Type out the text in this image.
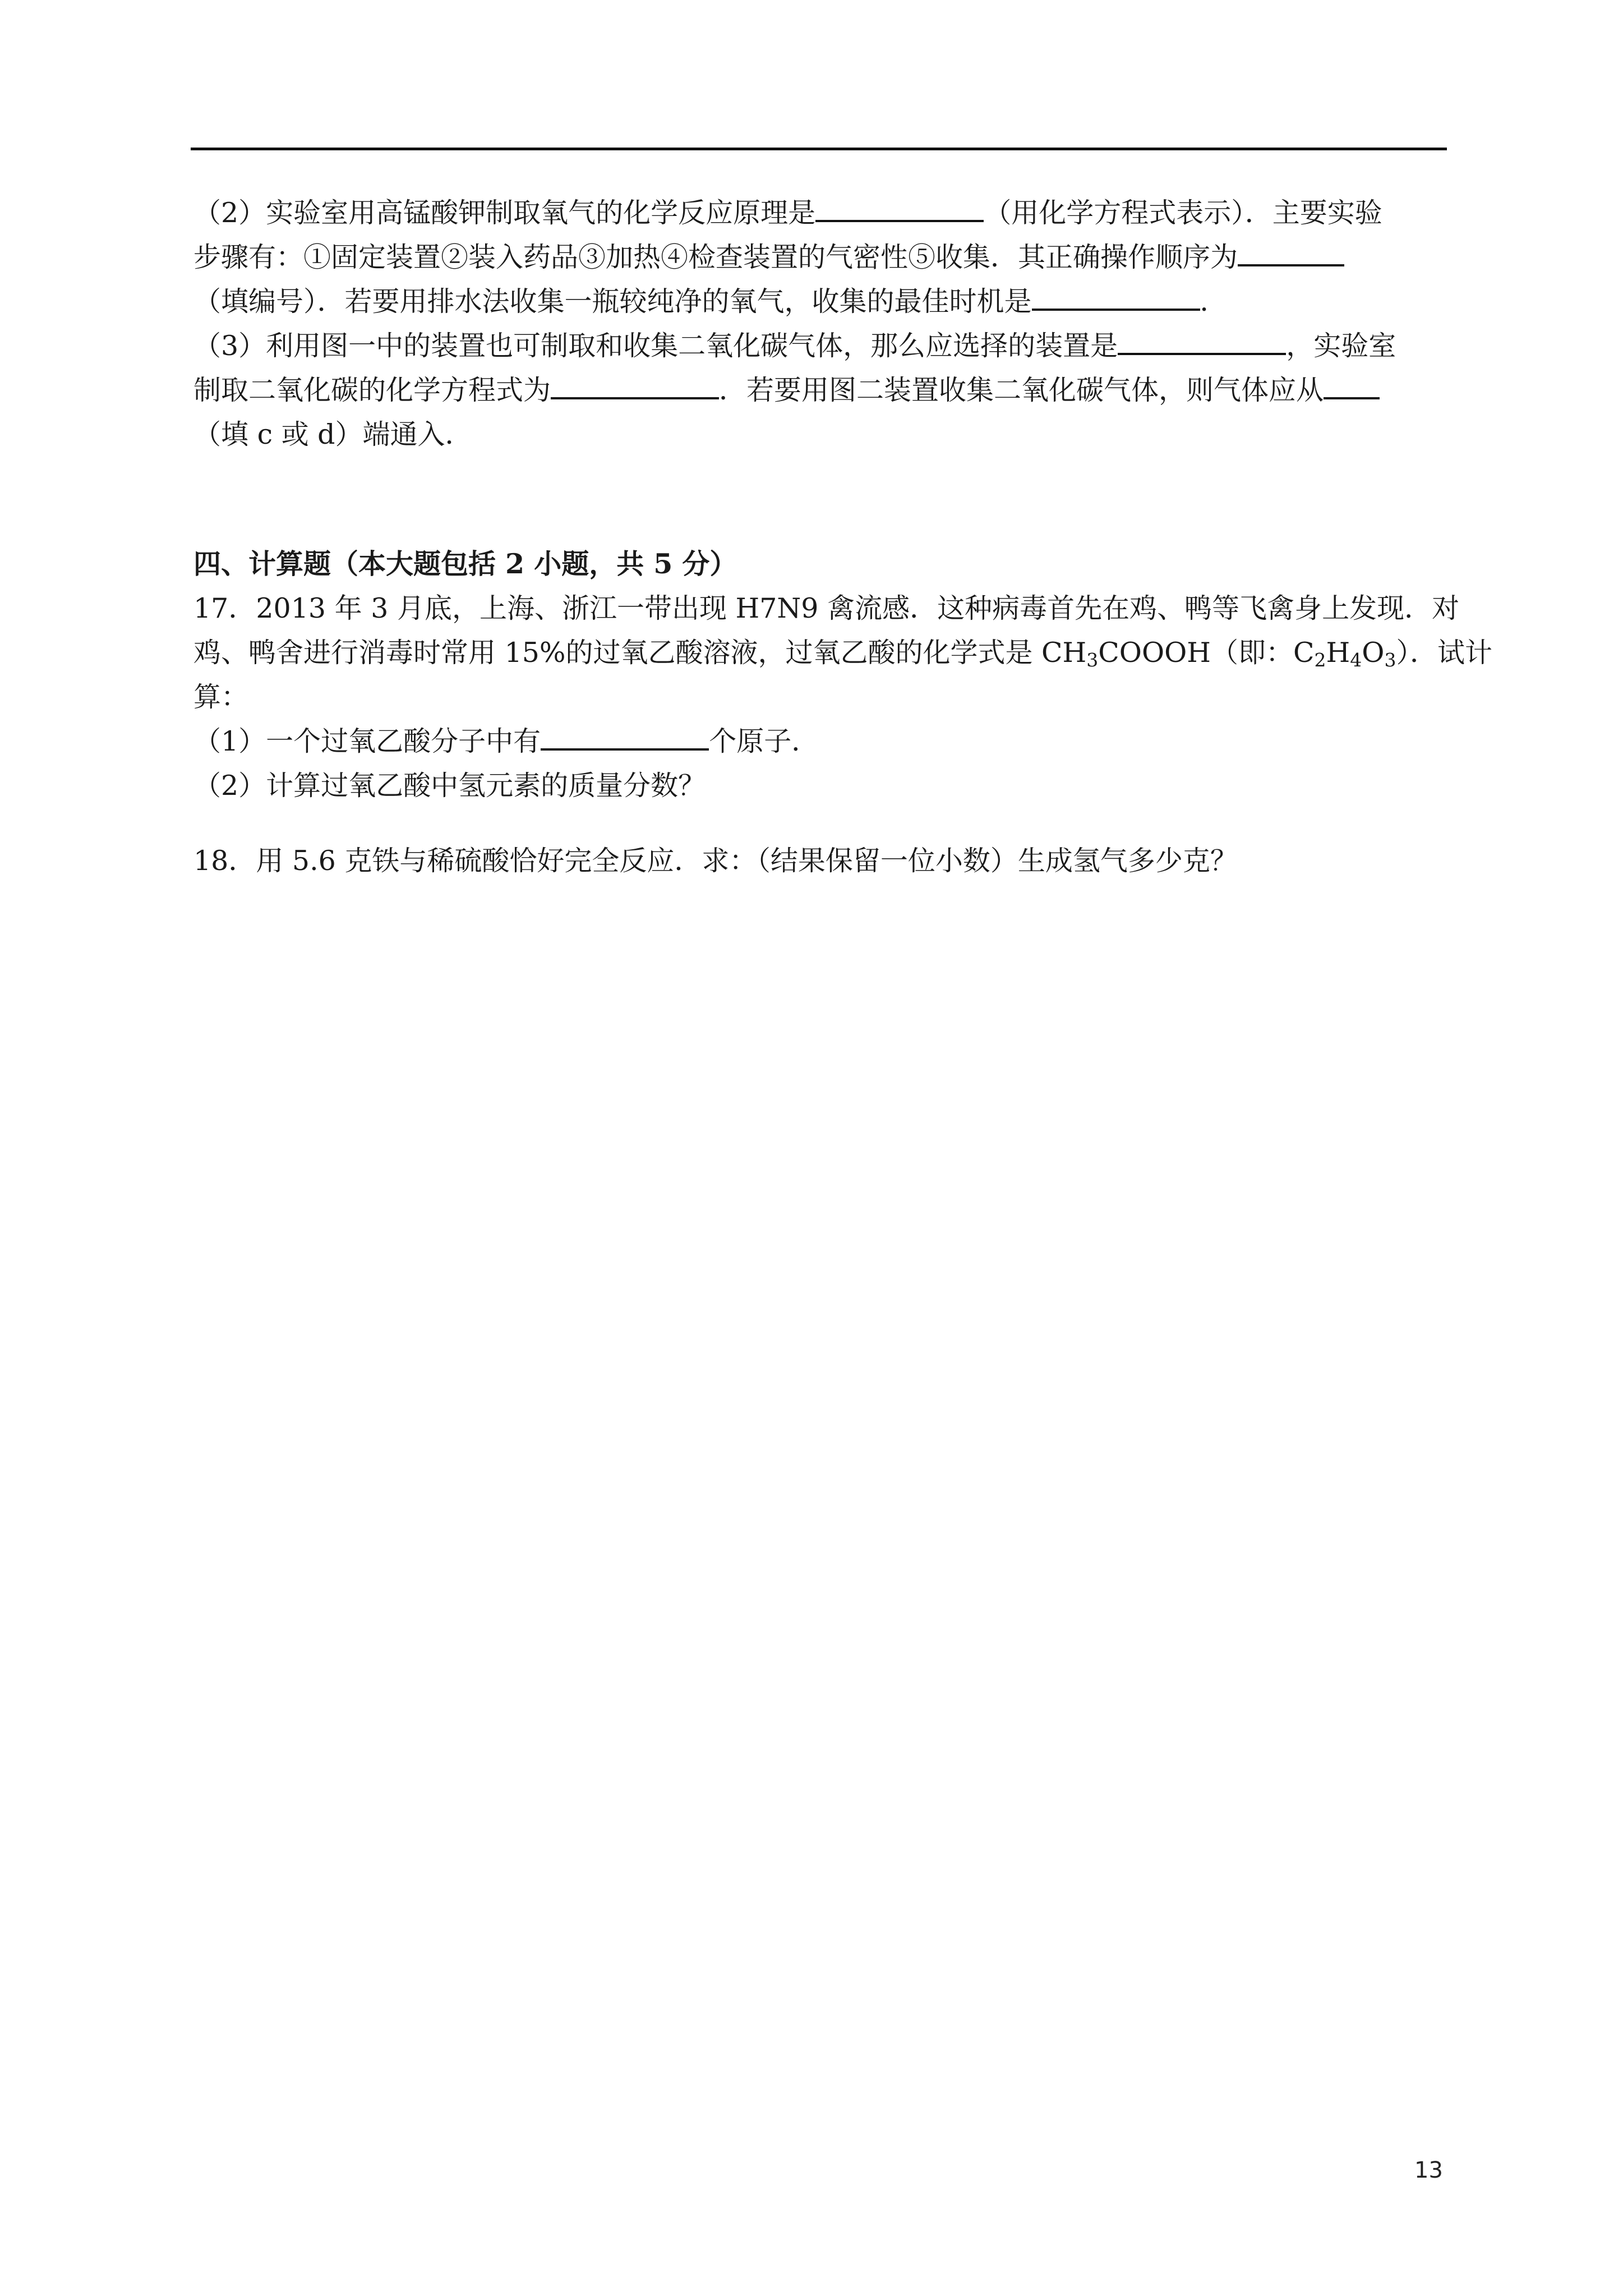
（2）实验室用高锰酸钾制取氧气的化学反应原理是	（用化学方程式表示）．主要实验
步骤有：①固定装置②装入药品③加热④检查装置的气密性⑤收集．其正确操作顺序为
（填编号）．若要用排水法收集一瓶较纯净的氧气，收集的最佳时机是	．
（3）利用图一中的装置也可制取和收集二氧化碳气体，那么应选择的装置是	，实验室
制取二氧化碳的化学方程式为	．若要用图二装置收集二氧化碳气体，则气体应从
（填 c 或 d）端通入．
四、计算题（本大题包括 2 小题，共 5 分）
17．2013 年 3 月底，上海、浙江一带出现 H7N9 禽流感．这种病毒首先在鸡、鸭等飞禽身上发现．对
鸡、鸭舍进行消毒时常用 15%的过氧乙酸溶液，过氧乙酸的化学式是 $CH_3COOOH$（即：$C_2H_4O_3$）．试计
算：
（1）一个过氧乙酸分子中有	个原子．
（2）计算过氧乙酸中氢元素的质量分数？
18．用 5.6 克铁与稀硫酸恰好完全反应．求：（结果保留一位小数）生成氢气多少克？
13
